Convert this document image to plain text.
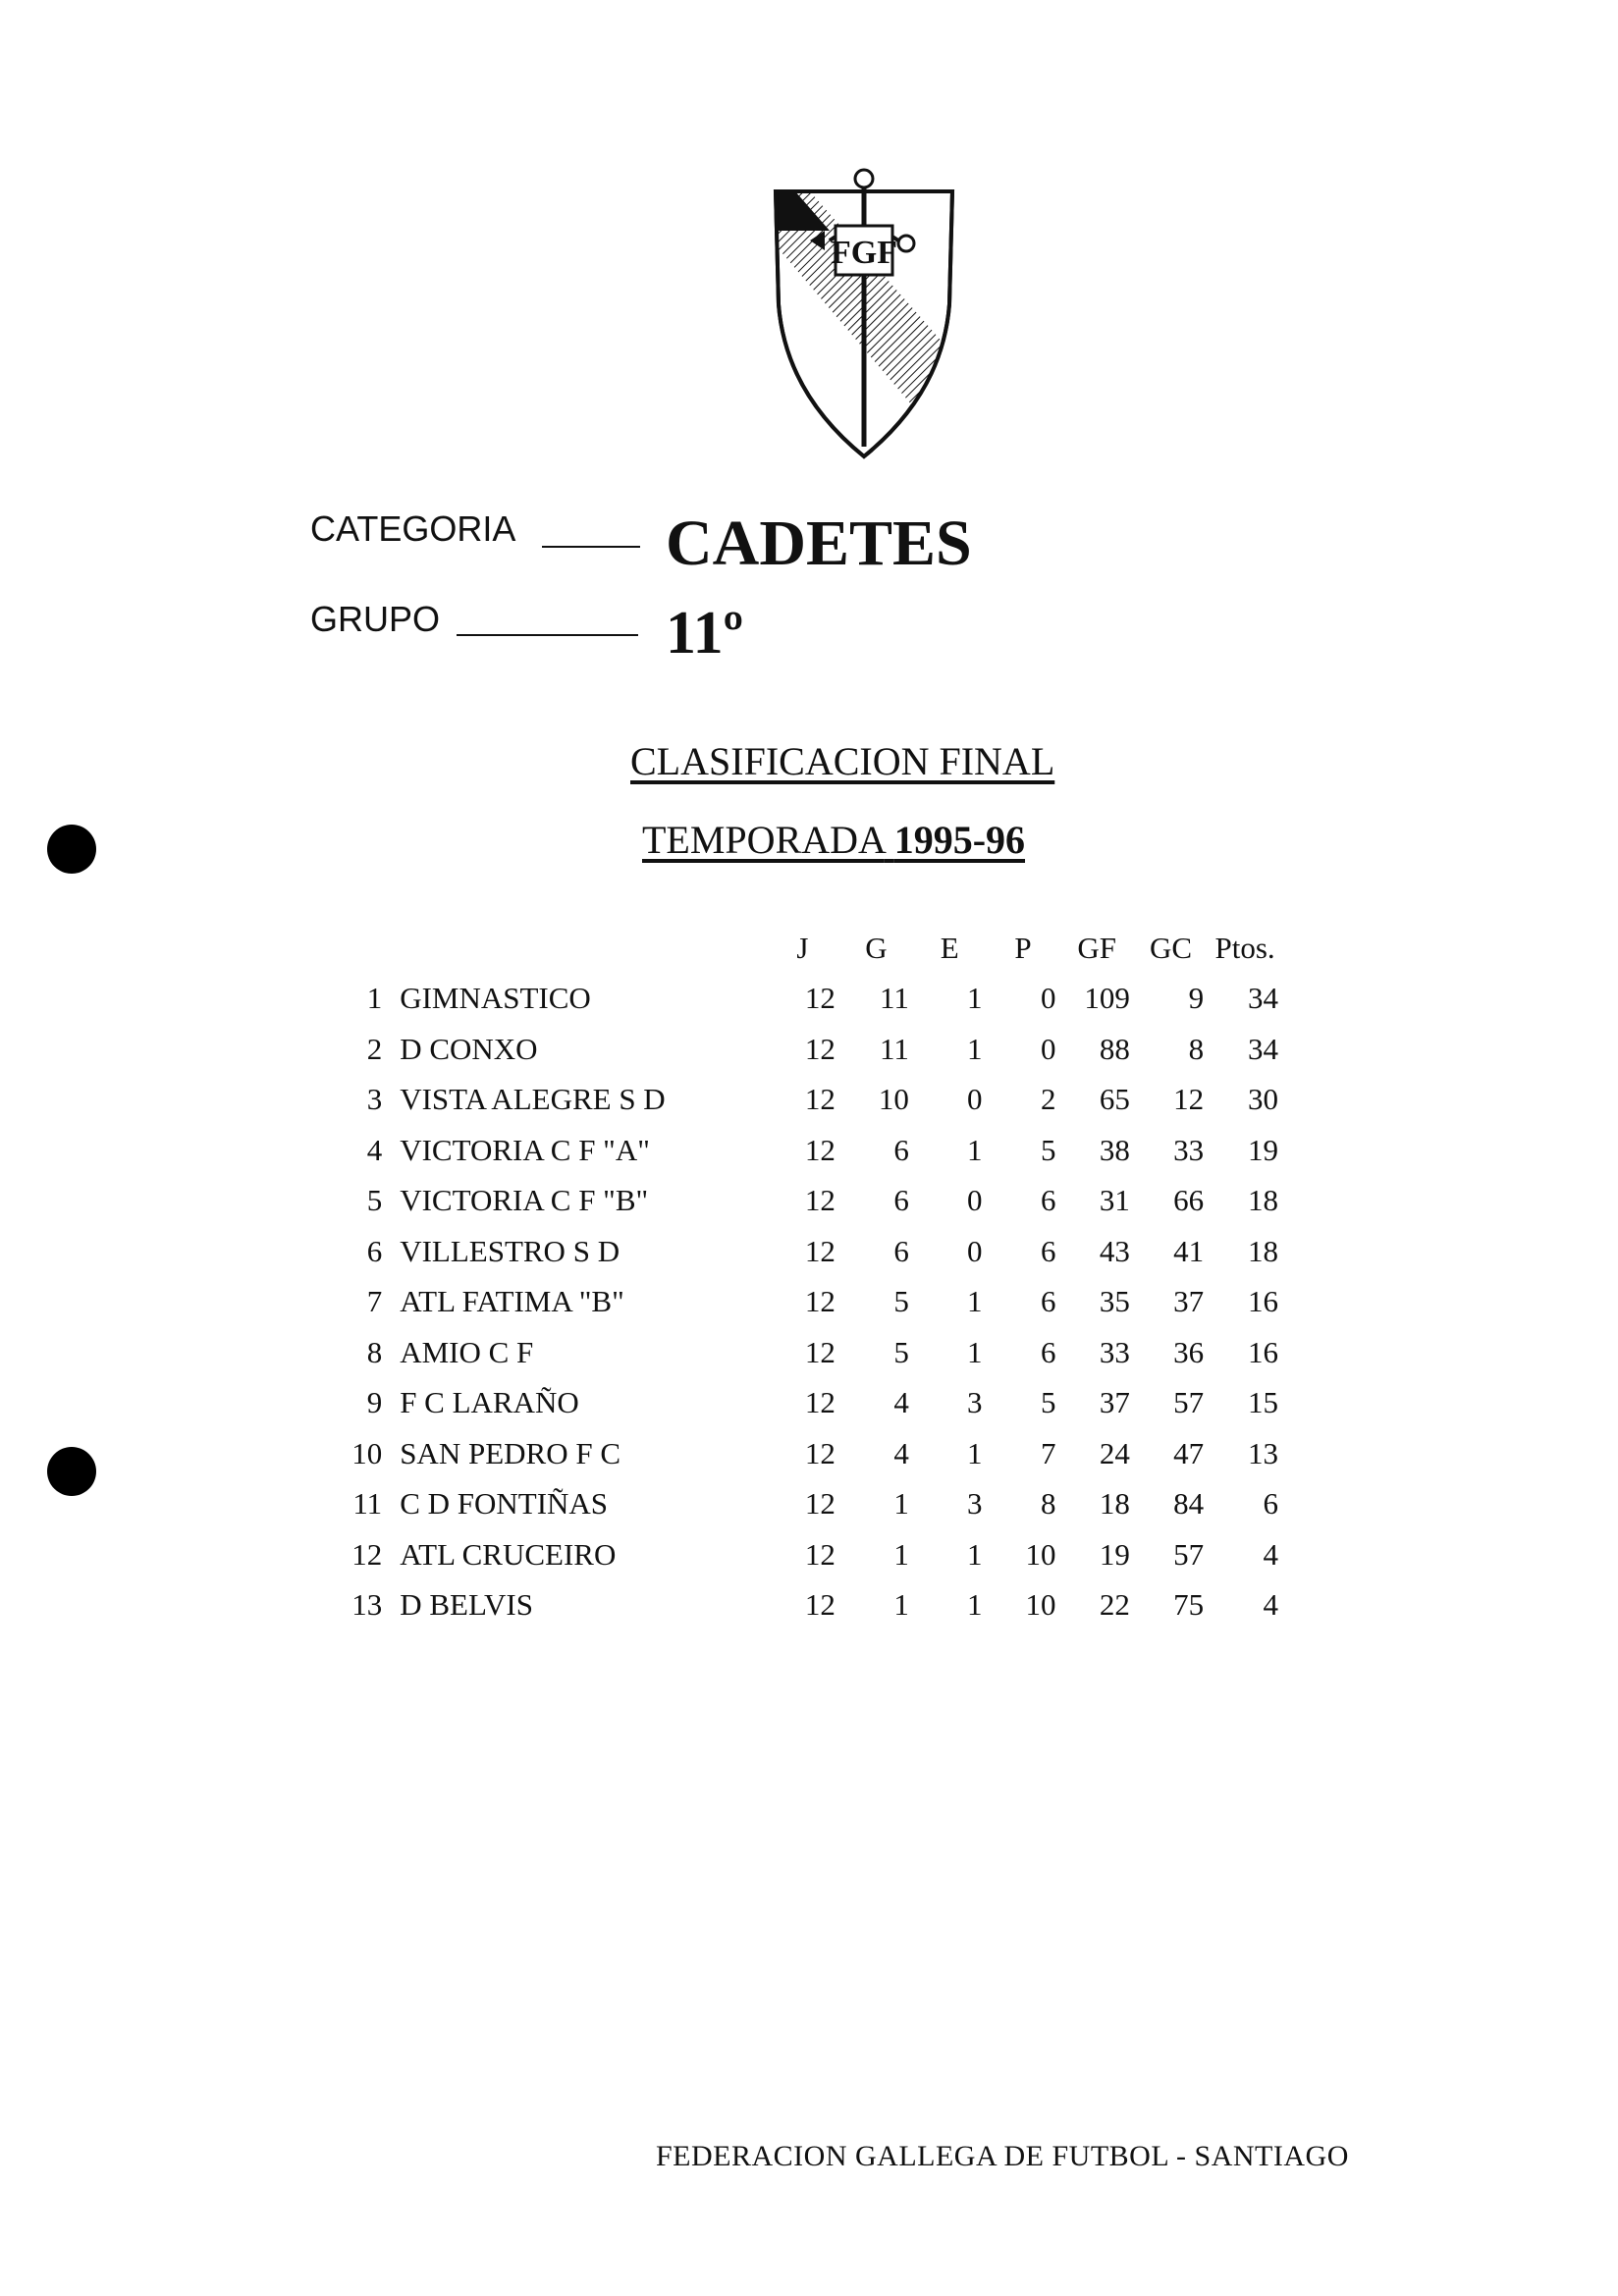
FGF
CATEGORIA CADETES
GRUPO	11º
CLASIFICACION FINAL
TEMPORADA 1995-96
		J	G	E	P	GF	GC	Ptos.
1	GIMNASTICO	12	11	1	0	109	9	34
2	D CONXO	12	11	1	0	88	8	34
3	VISTA ALEGRE S D	12	10	0	2	65	12	30
4	VICTORIA C F "A"	12	6	1	5	38	33	19
5	VICTORIA C F "B"	12	6	0	6	31	66	18
6	VILLESTRO S D	12	6	0	6	43	41	18
7	ATL FATIMA "B"	12	5	1	6	35	37	16
8	AMIO C F	12	5	1	6	33	36	16
9	F C LARAÑO	12	4	3	5	37	57	15
10	SAN PEDRO F C	12	4	1	7	24	47	13
11	C D FONTIÑAS	12	1	3	8	18	84	6
12	ATL CRUCEIRO	12	1	1	10	19	57	4
13	D BELVIS	12	1	1	10	22	75	4
FEDERACION GALLEGA DE FUTBOL - SANTIAGO
